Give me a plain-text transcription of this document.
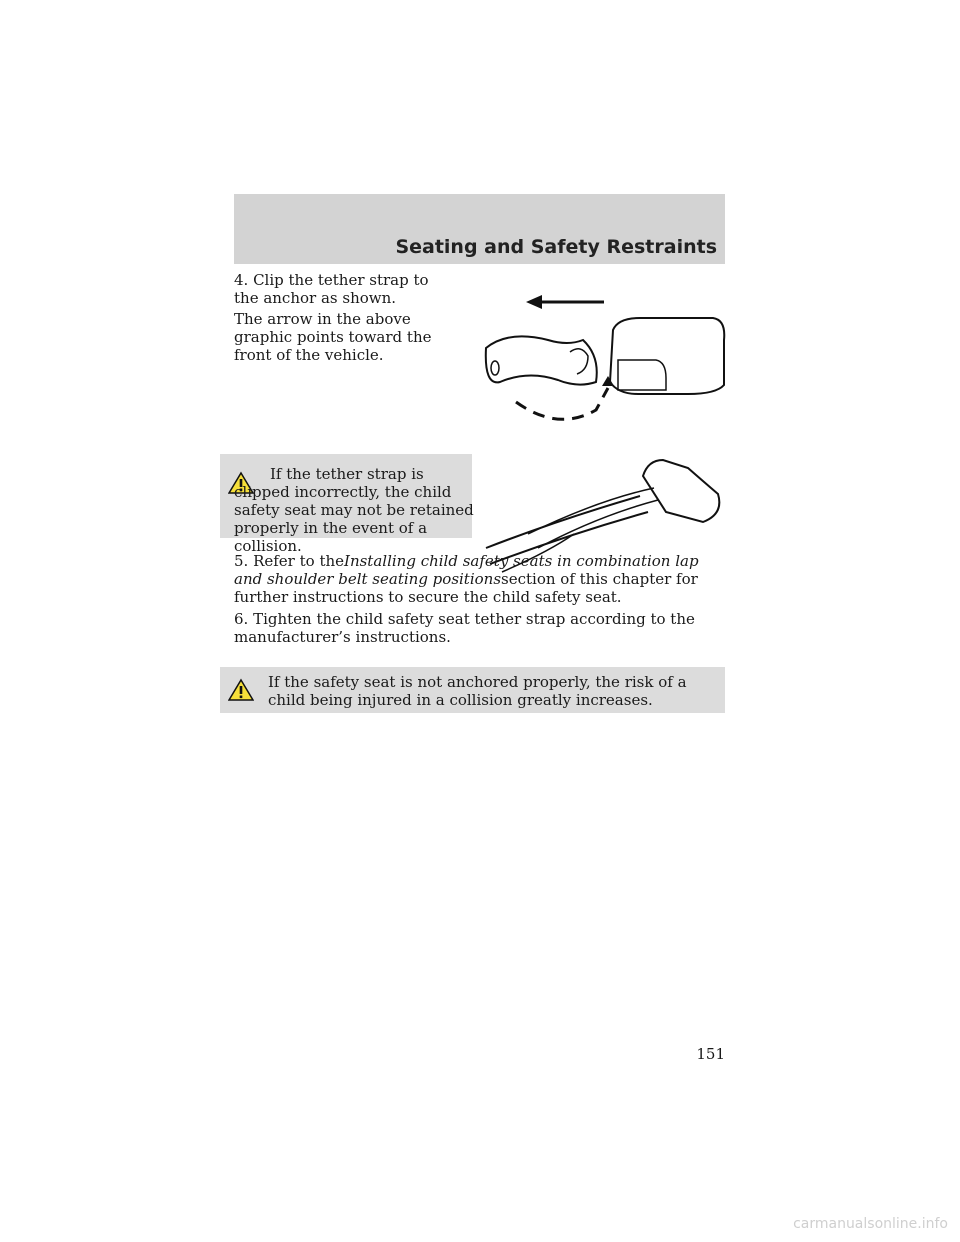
Seating and Safety Restraints
4. Clip the tether strap to the anchor as shown.
The arrow in the above graphic points toward the front of the vehicle.
If the tether strap is clipped incorrectly, the child safety seat may not be retained properly in the event of a collision.
5. Refer to theInstalling child safety seats in combination lap and shoulder belt seating positionssection of this chapter for further instructions to secure the child safety seat.
6. Tighten the child safety seat tether strap according to the manufacturer’s instructions.
If the safety seat is not anchored properly, the risk of a child being injured in a collision greatly increases.
151
carmanualsonline.info
